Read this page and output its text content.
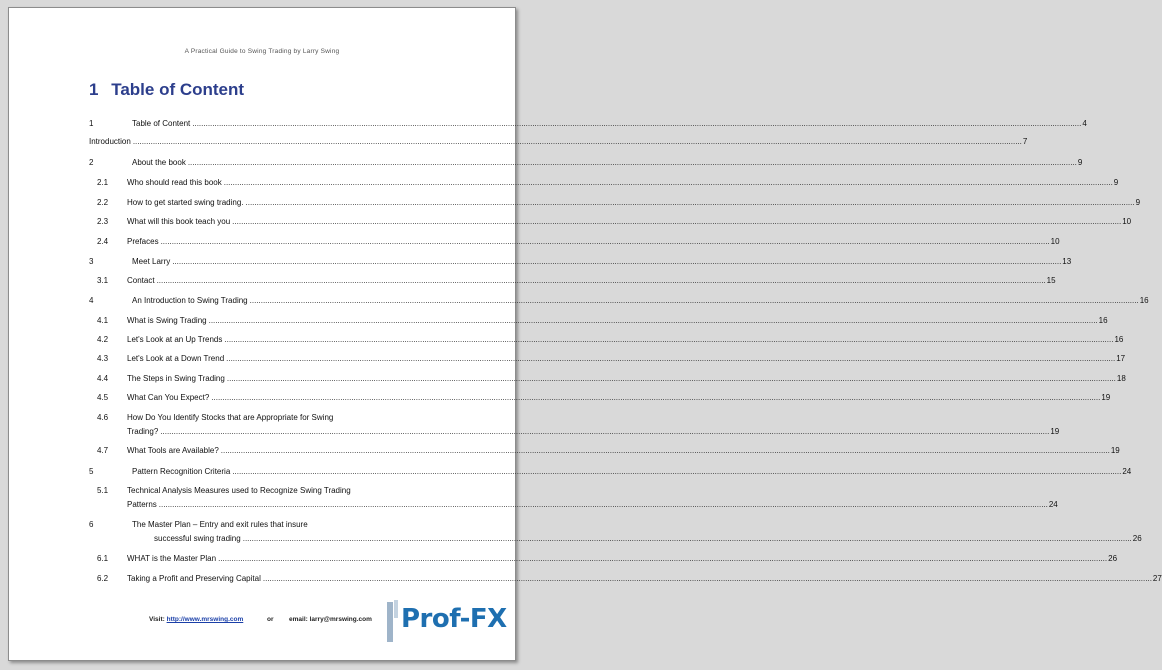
A Practical Guide to Swing Trading by Larry Swing
1 Table of Content
1	Table of Content ................................................................................................................................................................................................................................................................................................................................................................................................................ 4
Introduction ................................................................................................................................................................................................................................................................................................................................................................................................................ 7
2	About the book ................................................................................................................................................................................................................................................................................................................................................................................................................ 9
2.1 Who should read this book ................................................................................................................................................................................................................................................................................................................................................................................................................ 9
2.2 How to get started swing trading. ................................................................................................................................................................................................................................................................................................................................................................................................................ 9
2.3 What will this book teach you ................................................................................................................................................................................................................................................................................................................................................................................................................ 10
2.4 Prefaces ................................................................................................................................................................................................................................................................................................................................................................................................................ 10
3	Meet Larry ................................................................................................................................................................................................................................................................................................................................................................................................................ 13
3.1 Contact ................................................................................................................................................................................................................................................................................................................................................................................................................ 15
4	An Introduction to Swing Trading ................................................................................................................................................................................................................................................................................................................................................................................................................ 16
4.1 What is Swing Trading ................................................................................................................................................................................................................................................................................................................................................................................................................ 16
4.2 Let's Look at an Up Trends ................................................................................................................................................................................................................................................................................................................................................................................................................ 16
4.3 Let's Look at a Down Trend ................................................................................................................................................................................................................................................................................................................................................................................................................ 17
4.4 The Steps in Swing Trading ................................................................................................................................................................................................................................................................................................................................................................................................................ 18
4.5 What Can You Expect? ................................................................................................................................................................................................................................................................................................................................................................................................................ 19
4.6 How Do You Identify Stocks that are Appropriate for Swing
Trading? ................................................................................................................................................................................................................................................................................................................................................................................................................ 19
4.7 What Tools are Available? ................................................................................................................................................................................................................................................................................................................................................................................................................ 19
5	Pattern Recognition Criteria ................................................................................................................................................................................................................................................................................................................................................................................................................ 24
5.1 Technical Analysis Measures used to Recognize Swing Trading
Patterns ................................................................................................................................................................................................................................................................................................................................................................................................................ 24
6	The Master Plan – Entry and exit rules that insure
successful swing trading ................................................................................................................................................................................................................................................................................................................................................................................................................ 26
6.1 WHAT is the Master Plan ................................................................................................................................................................................................................................................................................................................................................................................................................ 26
6.2 Taking a Profit and Preserving Capital ................................................................................................................................................................................................................................................................................................................................................................................................................ 27
Visit: http://www.mrswing.com	or email: larry@mrswing.com Prof-FX
